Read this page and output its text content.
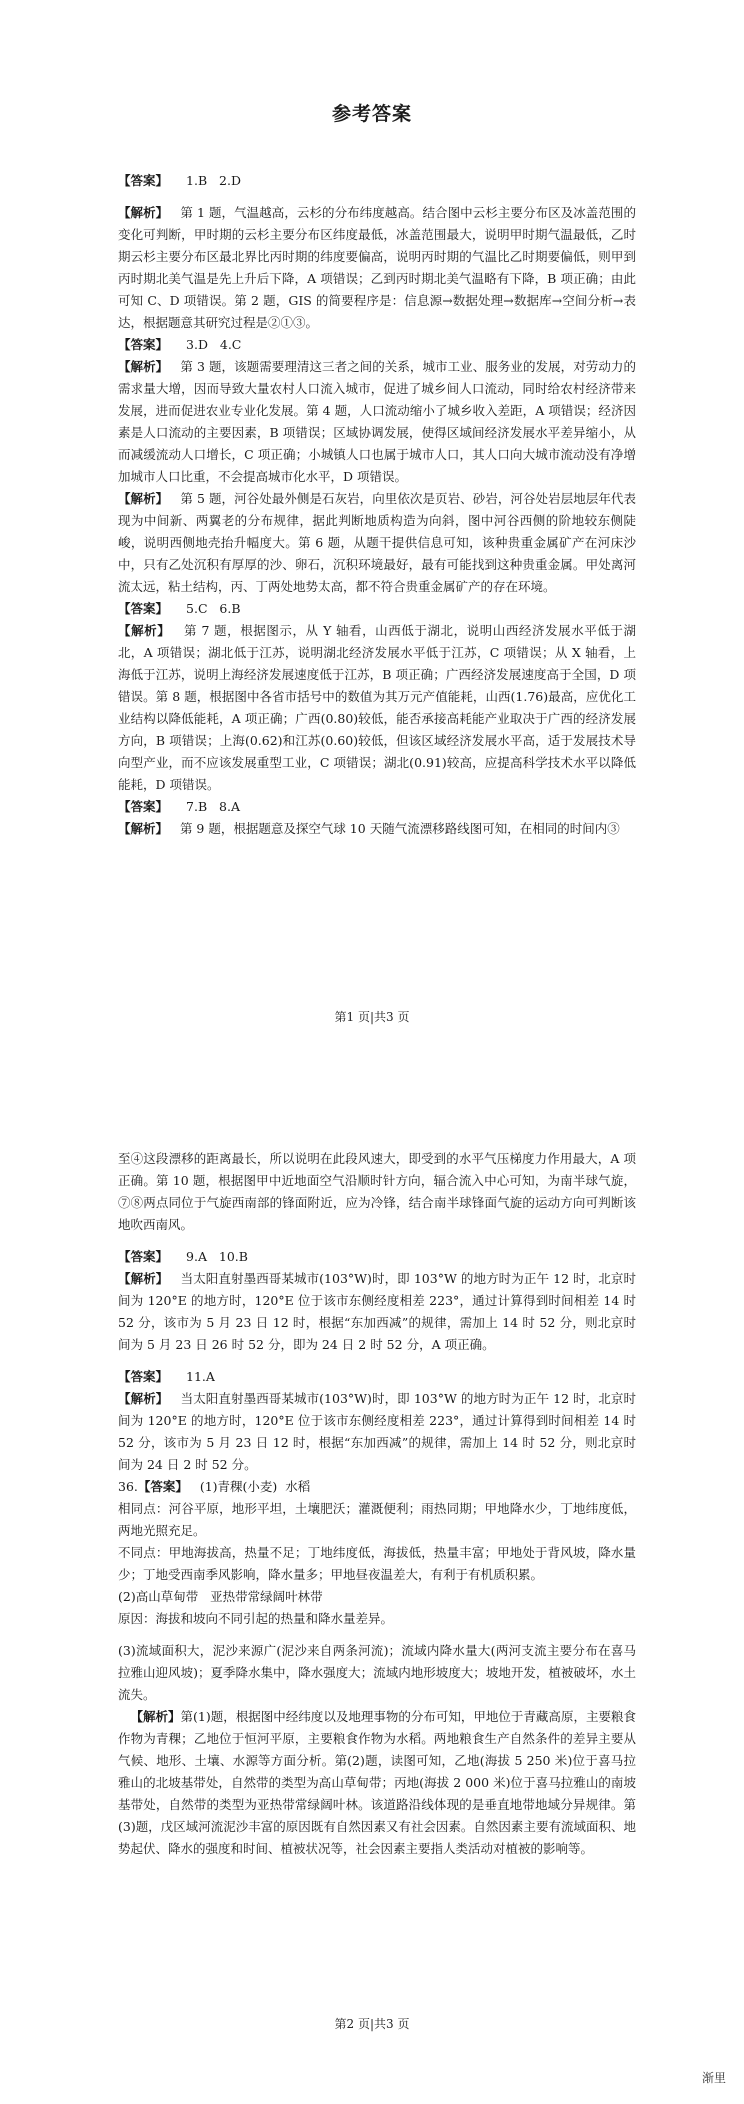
参考答案

【答案】 1.B   2.D

【解析】 第 1 题，气温越高，云杉的分布纬度越高。结合图中云杉主要分布区及冰盖范围的变化可判断，甲时期的云杉主要分布区纬度最低，冰盖范围最大，说明甲时期气温最低，乙时期云杉主要分布区最北界比丙时期的纬度要偏高，说明丙时期的气温比乙时期要偏低，则甲到丙时期北美气温是先上升后下降，A 项错误；乙到丙时期北美气温略有下降，B 项正确；由此可知 C、D 项错误。第 2 题，GIS 的简要程序是：信息源→数据处理→数据库→空间分析→表达，根据题意其研究过程是②①③。

【答案】 3.D   4.C

【解析】 第 3 题，该题需要理清这三者之间的关系，城市工业、服务业的发展，对劳动力的需求量大增，因而导致大量农村人口流入城市，促进了城乡间人口流动，同时给农村经济带来发展，进而促进农业专业化发展。第 4 题，人口流动缩小了城乡收入差距，A 项错误；经济因素是人口流动的主要因素，B 项错误；区域协调发展，使得区域间经济发展水平差异缩小，从而减缓流动人口增长，C 项正确；小城镇人口也属于城市人口，其人口向大城市流动没有净增加城市人口比重，不会提高城市化水平，D 项错误。

【解析】 第 5 题，河谷处最外侧是石灰岩，向里依次是页岩、砂岩，河谷处岩层地层年代表现为中间新、两翼老的分布规律，据此判断地质构造为向斜，图中河谷西侧的阶地较东侧陡峻，说明西侧地壳抬升幅度大。第 6 题，从题干提供信息可知，该种贵重金属矿产在河床沙中，只有乙处沉积有厚厚的沙、卵石，沉积环境最好，最有可能找到这种贵重金属。甲处离河流太远，粘土结构，丙、丁两处地势太高，都不符合贵重金属矿产的存在环境。

【答案】 5.C   6.B

【解析】 第 7 题，根据图示，从 Y 轴看，山西低于湖北，说明山西经济发展水平低于湖北，A 项错误；湖北低于江苏，说明湖北经济发展水平低于江苏，C 项错误；从 X 轴看，上海低于江苏，说明上海经济发展速度低于江苏，B 项正确；广西经济发展速度高于全国，D 项错误。第 8 题，根据图中各省市括号中的数值为其万元产值能耗，山西(1.76)最高，应优化工业结构以降低能耗，A 项正确；广西(0.80)较低，能否承接高耗能产业取决于广西的经济发展方向，B 项错误；上海(0.62)和江苏(0.60)较低，但该区域经济发展水平高，适于发展技术导向型产业，而不应该发展重型工业，C 项错误；湖北(0.91)较高，应提高科学技术水平以降低能耗，D 项错误。

【答案】 7.B   8.A

【解析】 第 9 题，根据题意及探空气球 10 天随气流漂移路线图可知，在相同的时间内③

第1 页|共3 页

至④这段漂移的距离最长，所以说明在此段风速大，即受到的水平气压梯度力作用最大，A 项正确。第 10 题，根据图甲中近地面空气沿顺时针方向，辐合流入中心可知，为南半球气旋，⑦⑧两点同位于气旋西南部的锋面附近，应为冷锋，结合南半球锋面气旋的运动方向可判断该地吹西南风。

【答案】 9.A   10.B

【解析】 当太阳直射墨西哥某城市(103°W)时，即 103°W 的地方时为正午 12 时，北京时间为 120°E 的地方时，120°E 位于该市东侧经度相差 223°，通过计算得到时间相差 14 时 52 分，该市为 5 月 23 日 12 时，根据“东加西减”的规律，需加上 14 时 52 分，则北京时间为 5 月 23 日 26 时 52 分，即为 24 日 2 时 52 分，A 项正确。

【答案】 11.A

【解析】 当太阳直射墨西哥某城市(103°W)时，即 103°W 的地方时为正午 12 时，北京时间为 120°E 的地方时，120°E 位于该市东侧经度相差 223°，通过计算得到时间相差 14 时 52 分，该市为 5 月 23 日 12 时，根据“东加西减”的规律，需加上 14 时 52 分，则北京时间为 24 日 2 时 52 分。

36.【答案】 (1)青稞(小麦)  水稻

相同点：河谷平原，地形平坦，土壤肥沃；灌溉便利；雨热同期；甲地降水少，丁地纬度低，两地光照充足。

不同点：甲地海拔高，热量不足；丁地纬度低，海拔低，热量丰富；甲地处于背风坡，降水量少；丁地受西南季风影响，降水量多；甲地昼夜温差大，有利于有机质积累。

(2)高山草甸带   亚热带常绿阔叶林带

原因：海拔和坡向不同引起的热量和降水量差异。

(3)流域面积大，泥沙来源广(泥沙来自两条河流)；流域内降水量大(两河支流主要分布在喜马拉雅山迎风坡)；夏季降水集中，降水强度大；流域内地形坡度大；坡地开发，植被破坏，水土流失。

【解析】第(1)题，根据图中经纬度以及地理事物的分布可知，甲地位于青藏高原，主要粮食作物为青稞；乙地位于恒河平原，主要粮食作物为水稻。两地粮食生产自然条件的差异主要从气候、地形、土壤、水源等方面分析。第(2)题，读图可知，乙地(海拔 5 250 米)位于喜马拉雅山的北坡基带处，自然带的类型为高山草甸带；丙地(海拔 2 000 米)位于喜马拉雅山的南坡基带处，自然带的类型为亚热带常绿阔叶林。该道路沿线体现的是垂直地带地域分异规律。第(3)题，戊区域河流泥沙丰富的原因既有自然因素又有社会因素。自然因素主要有流域面积、地势起伏、降水的强度和时间、植被状况等，社会因素主要指人类活动对植被的影响等。

第2 页|共3 页
渐里
